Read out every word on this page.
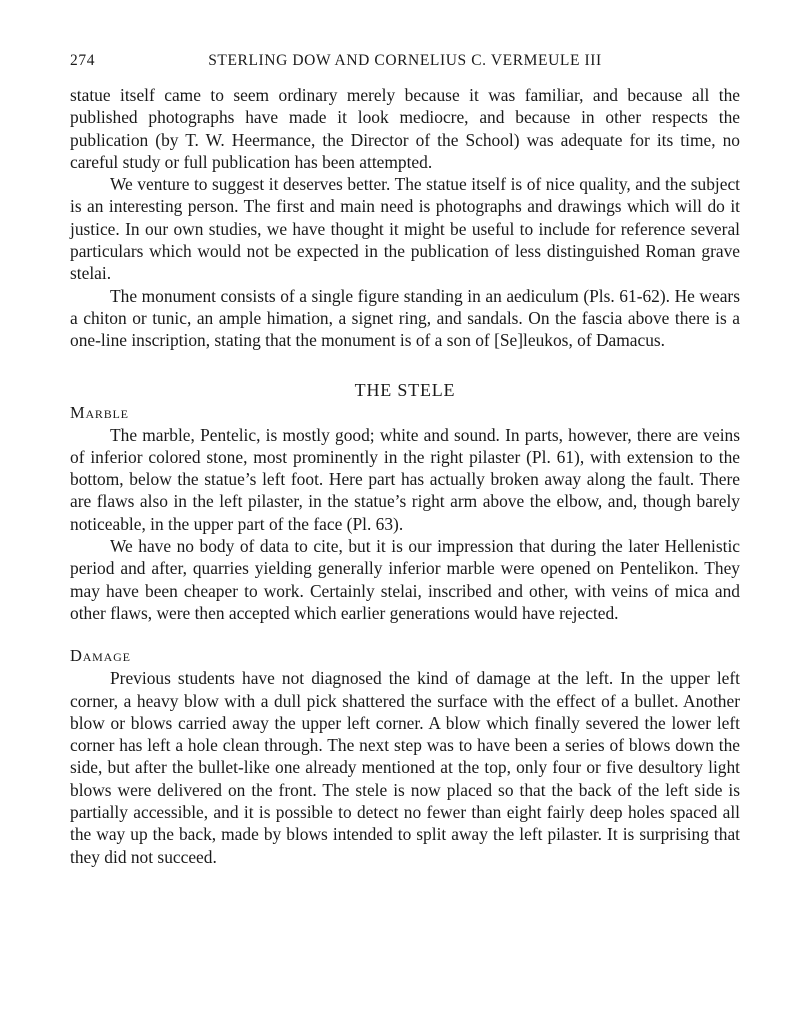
274	STERLING DOW AND CORNELIUS C. VERMEULE III

statue itself came to seem ordinary merely because it was familiar, and because all the published photographs have made it look mediocre, and because in other respects the publication (by T. W. Heermance, the Director of the School) was adequate for its time, no careful study or full publication has been attempted.

We venture to suggest it deserves better. The statue itself is of nice quality, and the subject is an interesting person. The first and main need is photographs and drawings which will do it justice. In our own studies, we have thought it might be useful to include for reference several particulars which would not be expected in the publication of less distinguished Roman grave stelai.

The monument consists of a single figure standing in an aediculum (Pls. 61-62). He wears a chiton or tunic, an ample himation, a signet ring, and sandals. On the fascia above there is a one-line inscription, stating that the monument is of a son of [Se]leukos, of Damacus.

THE STELE
Marble

The marble, Pentelic, is mostly good; white and sound. In parts, however, there are veins of inferior colored stone, most prominently in the right pilaster (Pl. 61), with extension to the bottom, below the statue’s left foot. Here part has actually broken away along the fault. There are flaws also in the left pilaster, in the statue’s right arm above the elbow, and, though barely noticeable, in the upper part of the face (Pl. 63).

We have no body of data to cite, but it is our impression that during the later Hellenistic period and after, quarries yielding generally inferior marble were opened on Pentelikon. They may have been cheaper to work. Certainly stelai, inscribed and other, with veins of mica and other flaws, were then accepted which earlier generations would have rejected.

Damage

Previous students have not diagnosed the kind of damage at the left. In the upper left corner, a heavy blow with a dull pick shattered the surface with the effect of a bullet. Another blow or blows carried away the upper left corner. A blow which finally severed the lower left corner has left a hole clean through. The next step was to have been a series of blows down the side, but after the bullet-like one already mentioned at the top, only four or five desultory light blows were delivered on the front. The stele is now placed so that the back of the left side is partially accessible, and it is possible to detect no fewer than eight fairly deep holes spaced all the way up the back, made by blows intended to split away the left pilaster. It is surprising that they did not succeed.
